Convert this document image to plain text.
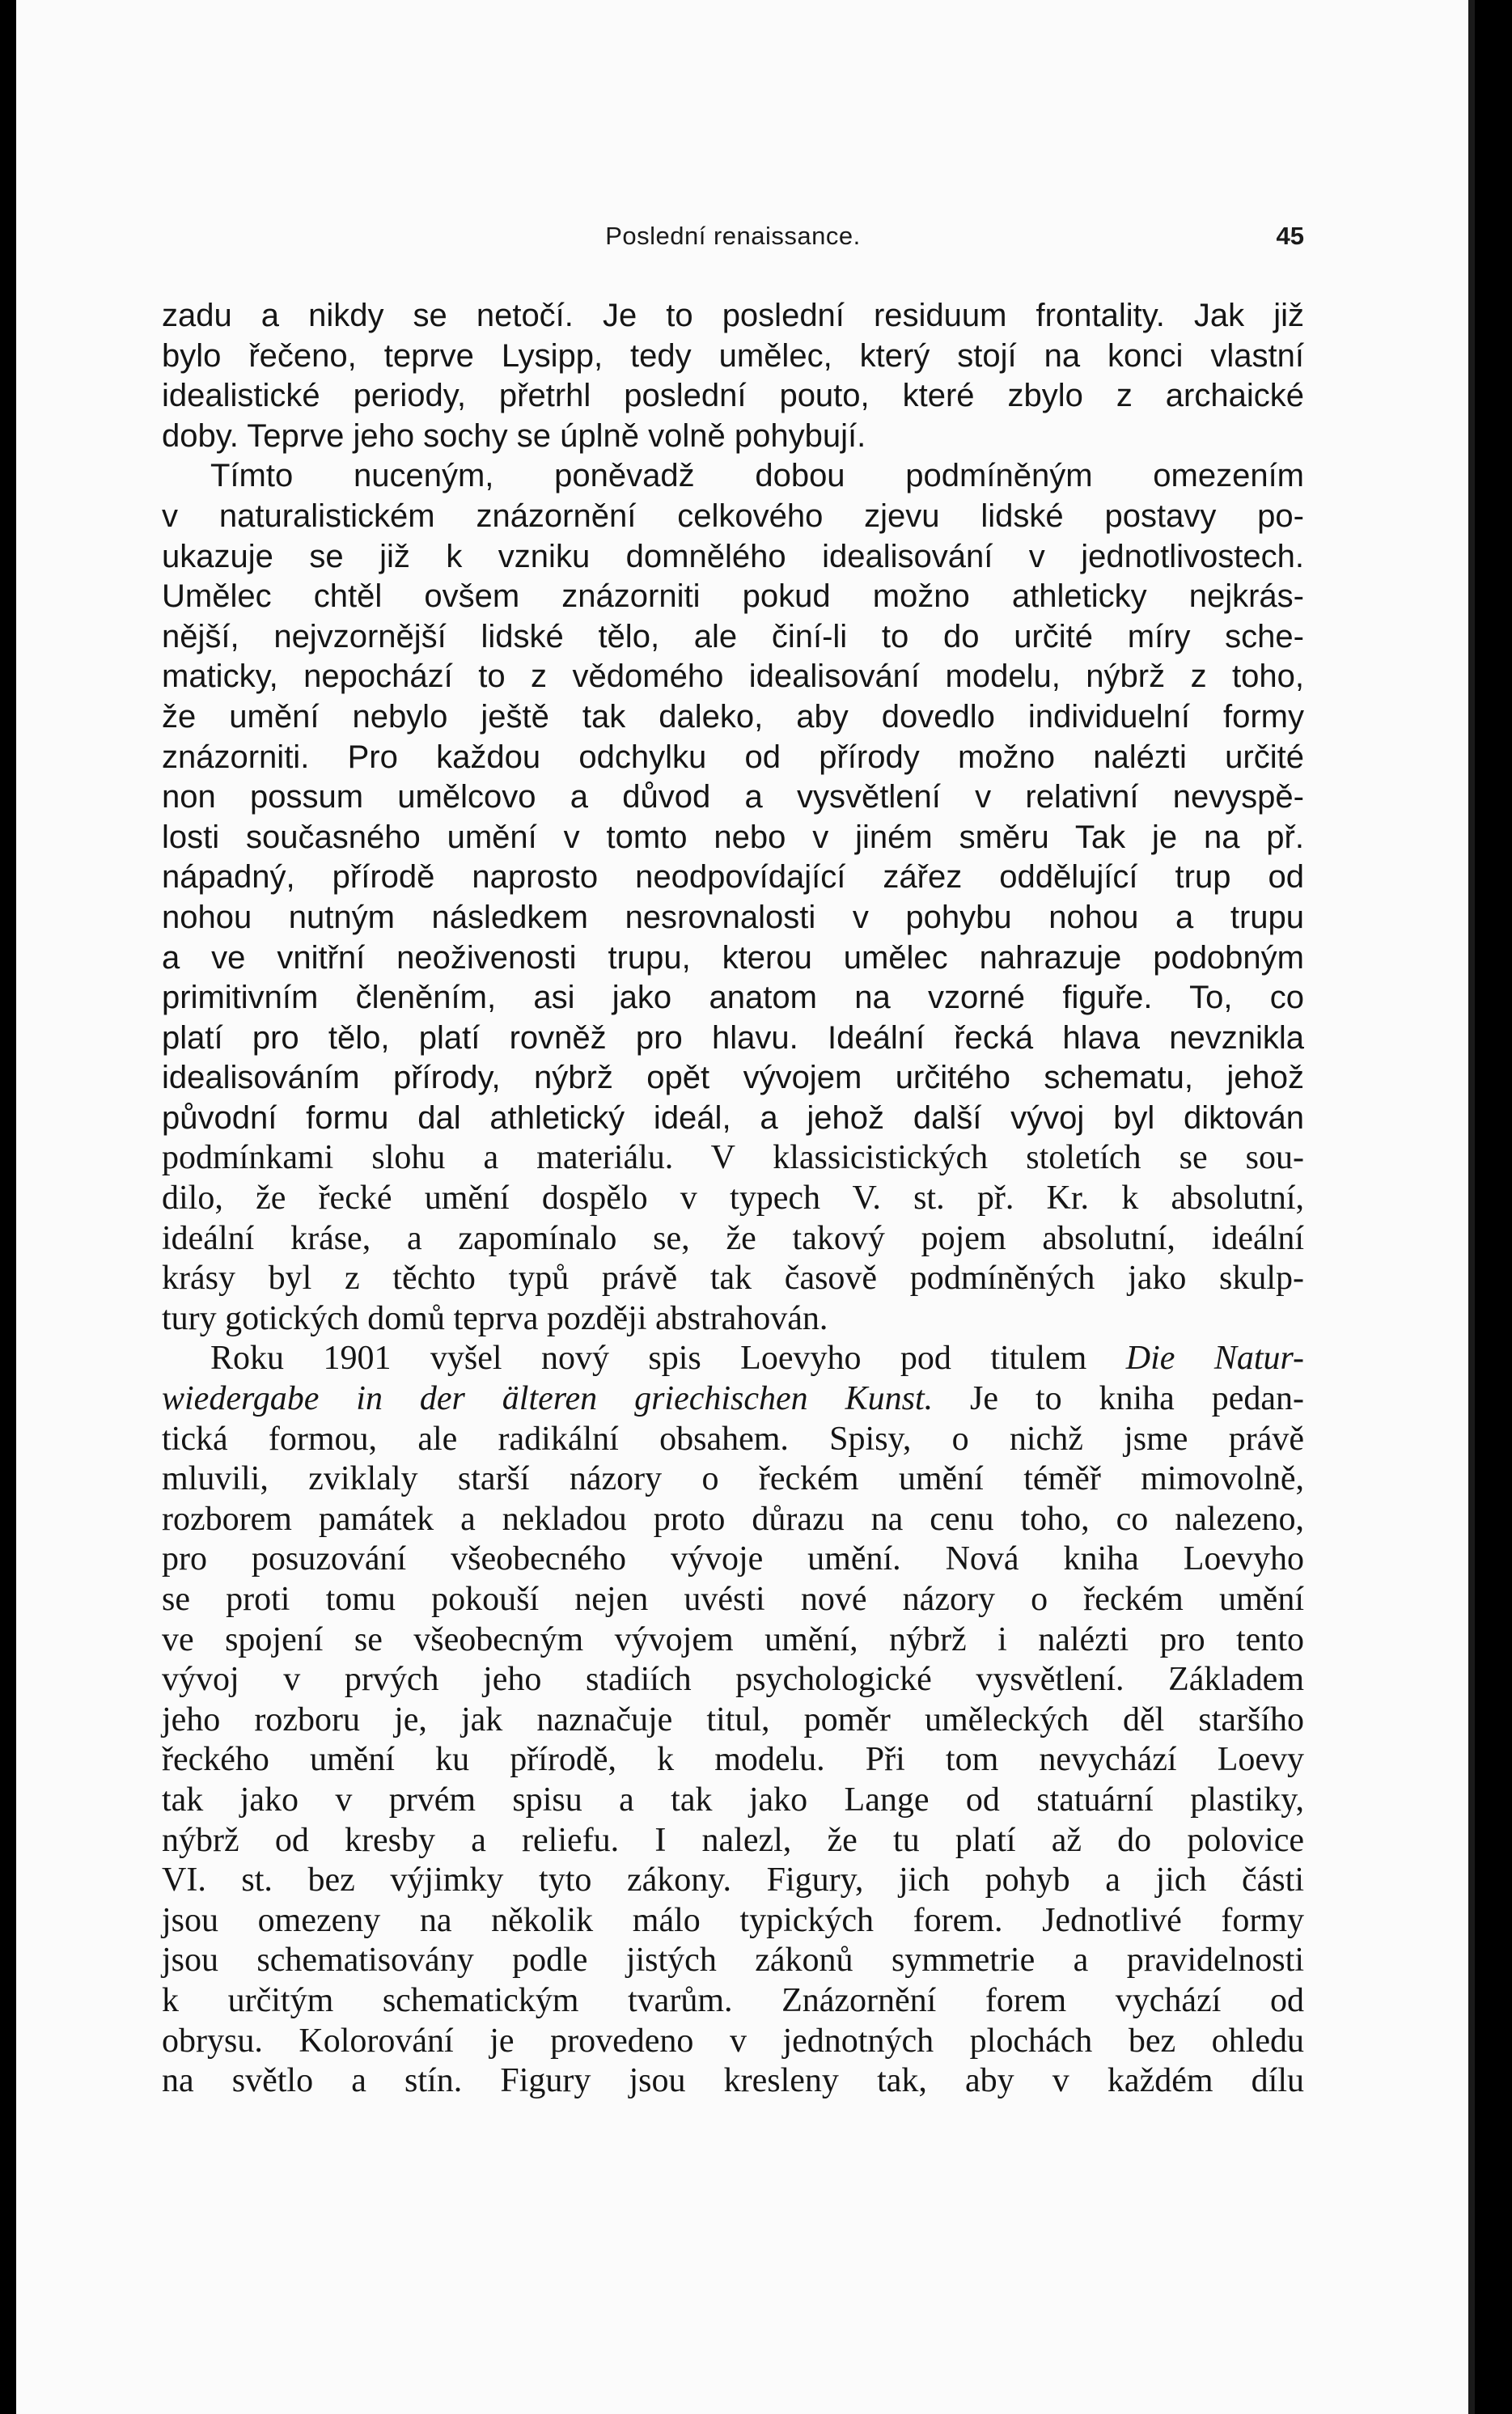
Poslední renaissance.	45
zadu a nikdy se netočí. Je to poslední residuum frontality. Jak již
bylo řečeno, teprve Lysipp, tedy umělec, který stojí na konci vlastní
idealistické periody, přetrhl poslední pouto, které zbylo z archaické
doby. Teprve jeho sochy se úplně volně pohybují.
Tímto nuceným, poněvadž dobou podmíněným omezením
v naturalistickém znázornění celkového zjevu lidské postavy po-
ukazuje se již k vzniku domnělého idealisování v jednotlivostech.
Umělec chtěl ovšem znázorniti pokud možno athleticky nejkrás-
nější, nejvzornější lidské tělo, ale činí-li to do určité míry sche-
maticky, nepochází to z vědomého idealisování modelu, nýbrž z toho,
že umění nebylo ještě tak daleko, aby dovedlo individuelní formy
znázorniti. Pro každou odchylku od přírody možno nalézti určité
non possum umělcovo a důvod a vysvětlení v relativní nevyspě-
losti současného umění v tomto nebo v jiném směru Tak je na př.
nápadný, přírodě naprosto neodpovídající zářez oddělující trup od
nohou nutným následkem nesrovnalosti v pohybu nohou a trupu
a ve vnitřní neoživenosti trupu, kterou umělec nahrazuje podobným
primitivním členěním, asi jako anatom na vzorné figuře. To, co
platí pro tělo, platí rovněž pro hlavu. Ideální řecká hlava nevznikla
idealisováním přírody, nýbrž opět vývojem určitého schematu, jehož
původní formu dal athletický ideál, a jehož další vývoj byl diktován
podmínkami slohu a materiálu. V klassicistických stoletích se sou-
dilo, že řecké umění dospělo v typech V. st. př. Kr. k absolutní,
ideální kráse, a zapomínalo se, že takový pojem absolutní, ideální
krásy byl z těchto typů právě tak časově podmíněných jako skulp-
tury gotických domů teprva později abstrahován.
Roku 1901 vyšel nový spis Loevyho pod titulem Die Natur-
wiedergabe in der älteren griechischen Kunst. Je to kniha pedan-
tická formou, ale radikální obsahem. Spisy, o nichž jsme právě
mluvili, zviklaly starší názory o řeckém umění téměř mimovolně,
rozborem památek a nekladou proto důrazu na cenu toho, co nalezeno,
pro posuzování všeobecného vývoje umění. Nová kniha Loevyho
se proti tomu pokouší nejen uvésti nové názory o řeckém umění
ve spojení se všeobecným vývojem umění, nýbrž i nalézti pro tento
vývoj v prvých jeho stadiích psychologické vysvětlení. Základem
jeho rozboru je, jak naznačuje titul, poměr uměleckých děl staršího
řeckého umění ku přírodě, k modelu. Při tom nevychází Loevy
tak jako v prvém spisu a tak jako Lange od statuární plastiky,
nýbrž od kresby a reliefu. I nalezl, že tu platí až do polovice
VI. st. bez výjimky tyto zákony. Figury, jich pohyb a jich části
jsou omezeny na několik málo typických forem. Jednotlivé formy
jsou schematisovány podle jistých zákonů symmetrie a pravidelnosti
k určitým schematickým tvarům. Znázornění forem vychází od
obrysu. Kolorování je provedeno v jednotných plochách bez ohledu
na světlo a stín. Figury jsou kresleny tak, aby v každém dílu
